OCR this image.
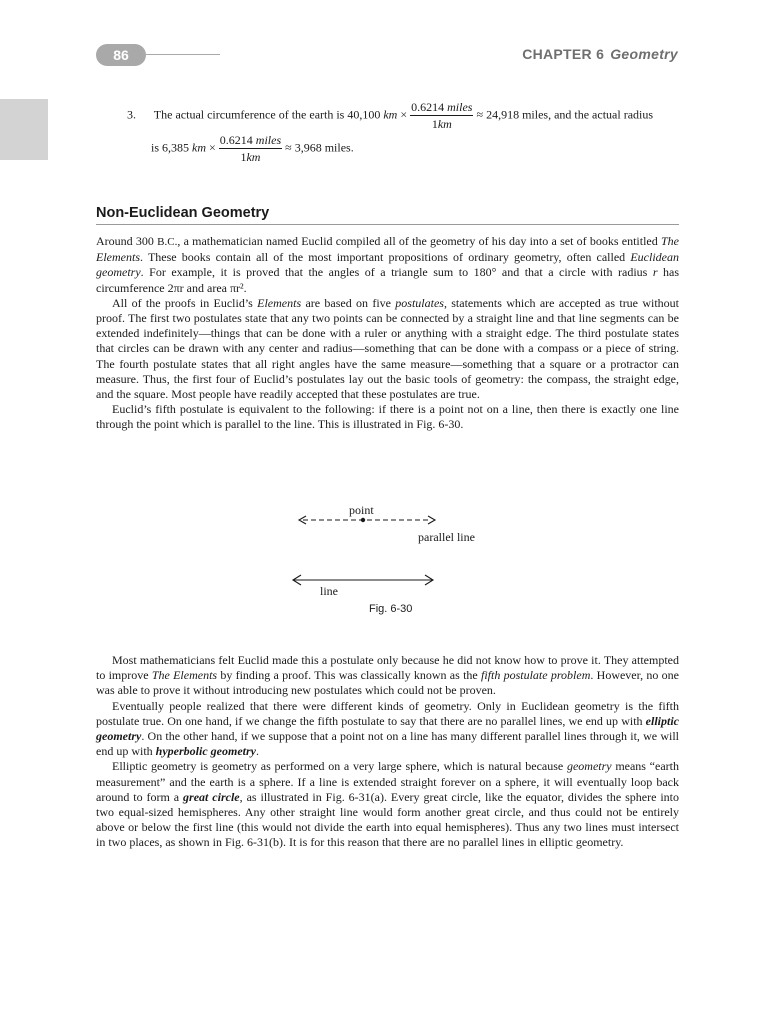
86	CHAPTER 6 Geometry
3. The actual circumference of the earth is 40,100 km × $\frac{\text{0.6214 miles}}{1km} \approx 24,918$ miles, and the actual radius
is 6,385 km × $\frac{\text{0.6214 miles}}{1km} \approx 3,968$ miles.
Non-Euclidean Geometry

Around 300 B.C., a mathematician named Euclid compiled all of the geometry of his day into a set of books entitled The Elements. These books contain all of the most important propositions of ordinary geometry, often called Euclidean geometry. For example, it is proved that the angles of a triangle sum to 180° and that a circle with radius r has circumference 2πr and area πr².

All of the proofs in Euclid’s Elements are based on five postulates, statements which are accepted as true without proof. The first two postulates state that any two points can be connected by a straight line and that line segments can be extended indefinitely—things that can be done with a ruler or anything with a straight edge. The third postulate states that circles can be drawn with any center and radius—something that can be done with a compass or a piece of string. The fourth postulate states that all right angles have the same measure—something that a square or a protractor can measure. Thus, the first four of Euclid’s postulates lay out the basic tools of geometry: the compass, the straight edge, and the square. Most people have readily accepted that these postulates are true.

Euclid’s fifth postulate is equivalent to the following: if there is a point not on a line, then there is exactly one line through the point which is parallel to the line. This is illustrated in Fig. 6-30.

point
parallel line
line
Fig. 6-30

Most mathematicians felt Euclid made this a postulate only because he did not know how to prove it. They attempted to improve The Elements by finding a proof. This was classically known as the fifth postulate problem. However, no one was able to prove it without introducing new postulates which could not be proven.

Eventually people realized that there were different kinds of geometry. Only in Euclidean geometry is the fifth postulate true. On one hand, if we change the fifth postulate to say that there are no parallel lines, we end up with elliptic geometry. On the other hand, if we suppose that a point not on a line has many different parallel lines through it, we will end up with hyperbolic geometry.

Elliptic geometry is geometry as performed on a very large sphere, which is natural because geometry means “earth measurement” and the earth is a sphere. If a line is extended straight forever on a sphere, it will eventually loop back around to form a great circle, as illustrated in Fig. 6-31(a). Every great circle, like the equator, divides the sphere into two equal-sized hemispheres. Any other straight line would form another great circle, and thus could not be entirely above or below the first line (this would not divide the earth into equal hemispheres). Thus any two lines must intersect in two places, as shown in Fig. 6-31(b). It is for this reason that there are no parallel lines in elliptic geometry.
